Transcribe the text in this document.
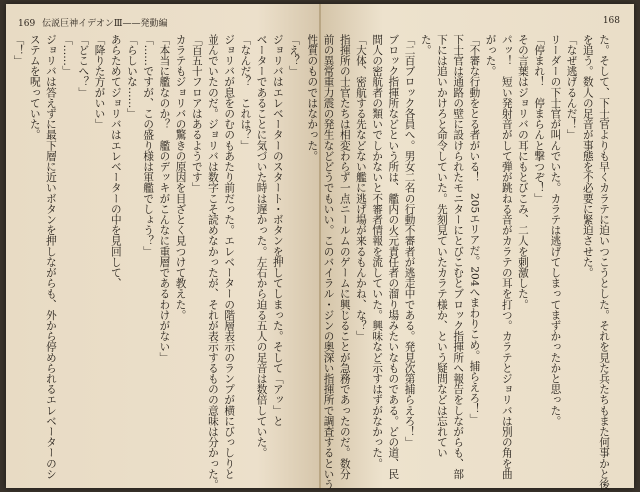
169 伝説巨神イデオンⅢ——発動編
「え？」
ジョリバはエレベーターのスタート・ボタンを押してしまった。そして「アッ」と
ベーターであることに気づいた時は遅かった。左右から迫る五人の足音は数倍していた。
「なんだ？　これは？」
ジョリバが息をのむのもあたり前だった。エレベーターの階層表示のランプが横にびっしりと
並んでいたのだ。ジョリバは数字こそ読めなかったが、それが表示するものの意味は分かった。
「百五十フロアはあるようです」
カラテもジョリバの驚きの原因を目ざとく見つけて教えた。
「本当に艦なのか？　艦のデッキがこんなに重層であるわけがない」
「……ですが、この盛り様は軍艦でしょう？」
「らしいな……」
あらためてジョリバはエレベーターの中を見回して、
「降りた方がいい」
「どこへ？」
「……」
ジョリバは答えずに最下層に近いボタンを押しながらも、外から停められるエレベーターのシ
ステムを呪っていた。
「！」
168
た。そして、下士官よりも早くカラテに迫いつこうとした。それを見た兵たちもまた何事かと後
を追う。数人の足音が事態を不必要に緊迫させた。
「なぜ逃げるんだ！」
リーダーの下士官が叫んでいた。カラテは逃げてしまってまずかったかと思った。
「停まれ！　停まらんと撃つぞ！」
その言葉はジョリバの耳にもとびこみ、二人を刺激した。
パッ！　短い発射音がして弾が跳ねる音がカラテの耳を打つ。カラテとジョリバは別の角を曲
がった。
「不審な行動をとる者がいる！　205エリアだ。204へまわりこめ。捕らえろ！」
下士官は通路の壁に設けられたモニターにとびこむとブロック指揮所へ報告をしながらも、部
下には追いかけろと命令していた。先刻見ていたカラテ様か、という疑問などは忘れてい
た。
「二百ブロック各員へ。男女二名の行動不審者が逃走中である。発見次第捕らえろ！」
ブロック指揮所などという所は、艦内の火元責任者の溜り場みたいなものである。どの道、民
間人の密航者の類いでしかないと不審者情報を流していた。興味など示すはずがなかった。
「大体、密航する先などない艦に逃げ場が来るもんかね、な？」
指揮所の士官たちは相変わらず一点ニールムのゲームに興じることが急務であったのだ。数分
前の異常重力震の発生などどうでもいい。このバイラル・ジンの奥深い指揮所で調査するという
性質のものではなかった。
